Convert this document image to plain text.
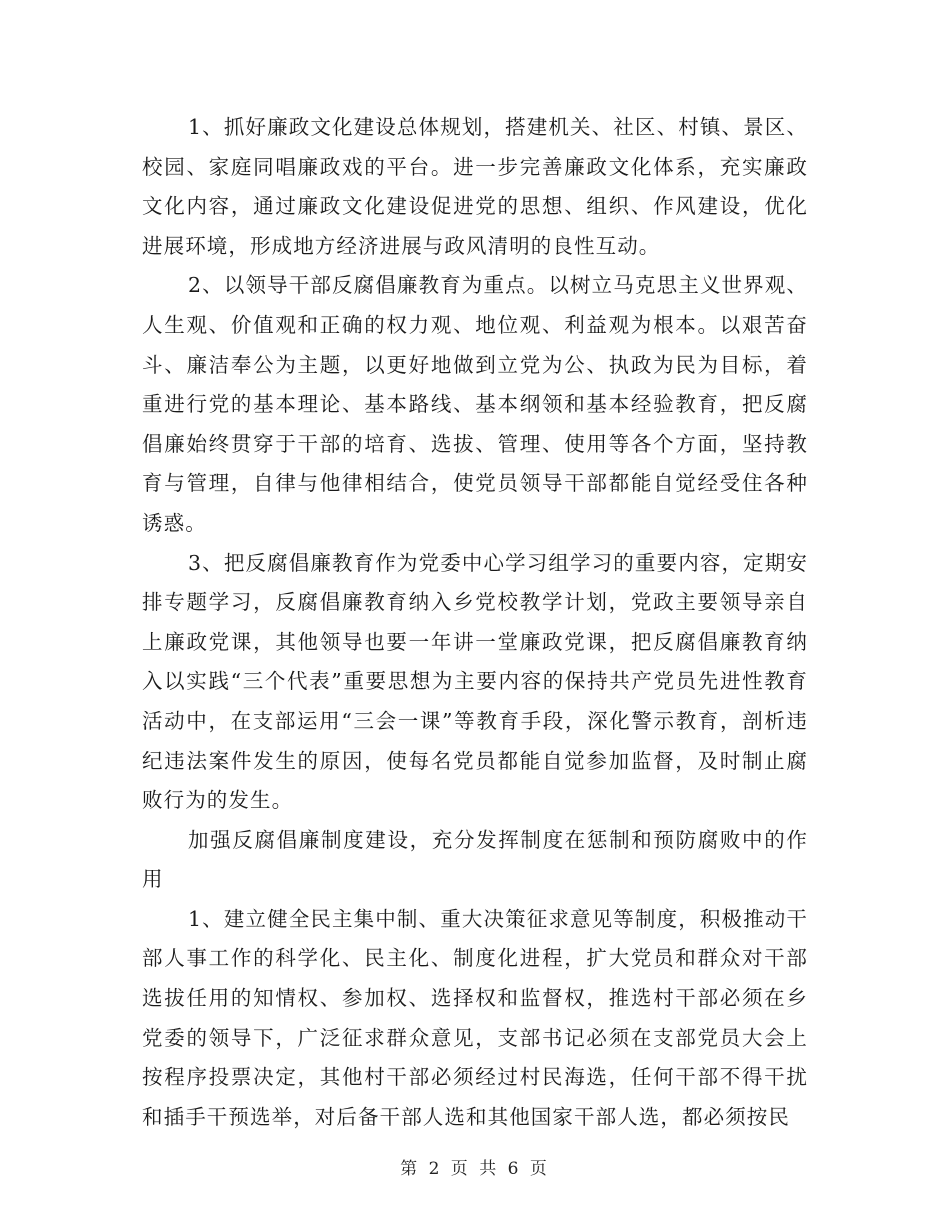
1、抓好廉政文化建设总体规划，搭建机关、社区、村镇、景区、校园、家庭同唱廉政戏的平台。进一步完善廉政文化体系，充实廉政文化内容，通过廉政文化建设促进党的思想、组织、作风建设，优化进展环境，形成地方经济进展与政风清明的良性互动。

2、以领导干部反腐倡廉教育为重点。以树立马克思主义世界观、人生观、价值观和正确的权力观、地位观、利益观为根本。以艰苦奋斗、廉洁奉公为主题，以更好地做到立党为公、执政为民为目标，着重进行党的基本理论、基本路线、基本纲领和基本经验教育，把反腐倡廉始终贯穿于干部的培育、选拔、管理、使用等各个方面，坚持教育与管理，自律与他律相结合，使党员领导干部都能自觉经受住各种诱惑。

3、把反腐倡廉教育作为党委中心学习组学习的重要内容，定期安排专题学习，反腐倡廉教育纳入乡党校教学计划，党政主要领导亲自上廉政党课，其他领导也要一年讲一堂廉政党课，把反腐倡廉教育纳入以实践“三个代表”重要思想为主要内容的保持共产党员先进性教育活动中，在支部运用“三会一课”等教育手段，深化警示教育，剖析违纪违法案件发生的原因，使每名党员都能自觉参加监督，及时制止腐败行为的发生。

加强反腐倡廉制度建设，充分发挥制度在惩制和预防腐败中的作用

1、建立健全民主集中制、重大决策征求意见等制度，积极推动干部人事工作的科学化、民主化、制度化进程，扩大党员和群众对干部选拔任用的知情权、参加权、选择权和监督权，推选村干部必须在乡党委的领导下，广泛征求群众意见，支部书记必须在支部党员大会上按程序投票决定，其他村干部必须经过村民海选，任何干部不得干扰和插手干预选举，对后备干部人选和其他国家干部人选，都必须按民

第 2 页 共 6 页
